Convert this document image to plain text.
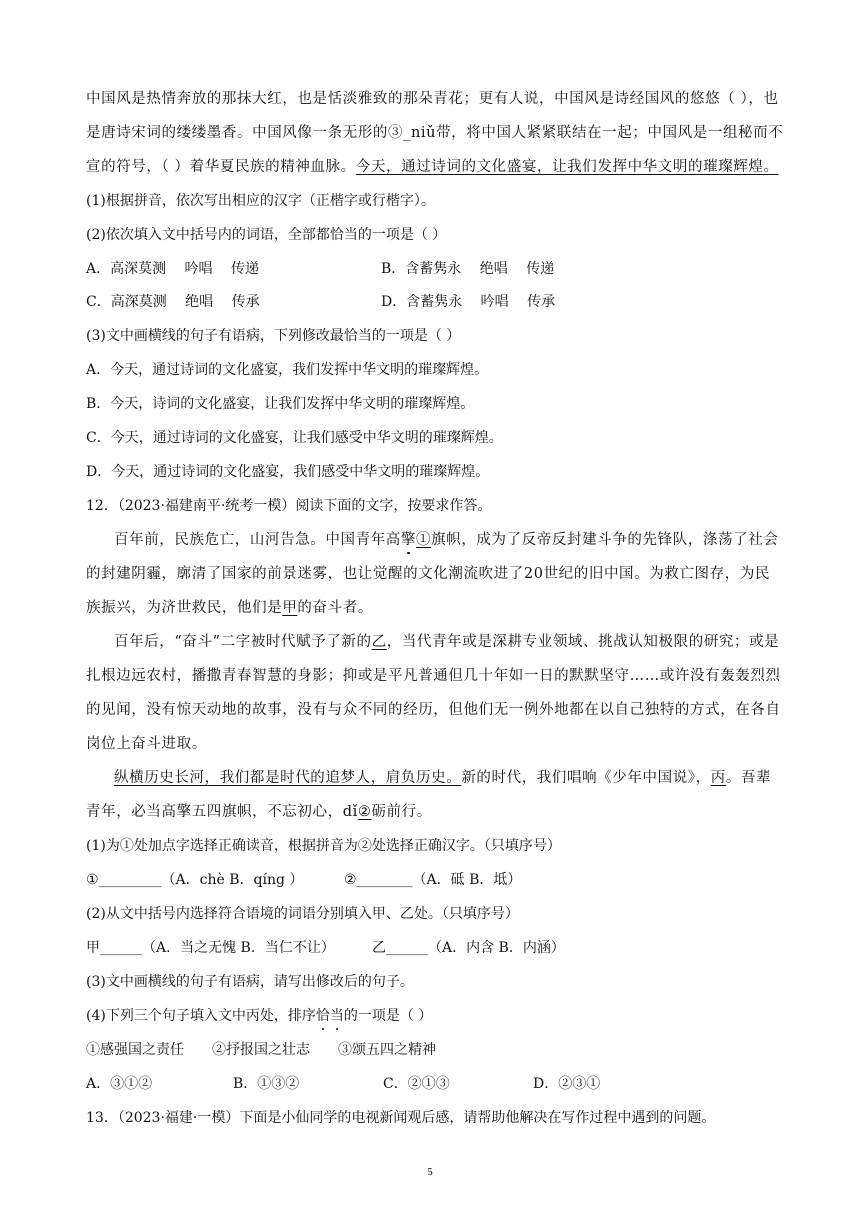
中国风是热情奔放的那抹大红，也是恬淡雅致的那朵青花；更有人说，中国风是诗经国风的悠悠（ ），也
是唐诗宋词的缕缕墨香。中国风像一条无形的③_niǔ带，将中国人紧紧联结在一起；中国风是一组秘而不
宣的符号，（ ）着华夏民族的精神血脉。今天，通过诗词的文化盛宴，让我们发挥中华文明的璀璨辉煌。
(1)根据拼音，依次写出相应的汉字（正楷字或行楷字）。
(2)依次填入文中括号内的词语，全部都恰当的一项是（ ）
A．高深莫测　 吟唱　 传递	B．含蓄隽永　 绝唱　 传递
C．高深莫测　 绝唱　 传承	D．含蓄隽永　 吟唱　 传承
(3)文中画横线的句子有语病，下列修改最恰当的一项是（ ）
A．今天，通过诗词的文化盛宴，我们发挥中华文明的璀璨辉煌。
B．今天，诗词的文化盛宴，让我们发挥中华文明的璀璨辉煌。
C．今天，通过诗词的文化盛宴，让我们感受中华文明的璀璨辉煌。
D．今天，通过诗词的文化盛宴，我们感受中华文明的璀璨辉煌。
12．（2023·福建南平·统考一模）阅读下面的文字，按要求作答。
百年前，民族危亡，山河告急。中国青年高擎①旗帜，成为了反帝反封建斗争的先锋队，涤荡了社会
的封建阴霾，廓清了国家的前景迷雾，也让觉醒的文化潮流吹进了20世纪的旧中国。为救亡图存，为民
族振兴，为济世救民，他们是甲的奋斗者。
百年后，“奋斗”二字被时代赋予了新的乙，当代青年或是深耕专业领域、挑战认知极限的研究；或是
扎根边远农村，播撒青春智慧的身影；抑或是平凡普通但几十年如一日的默默坚守……或许没有轰轰烈烈
的见闻，没有惊天动地的故事，没有与众不同的经历，但他们无一例外地都在以自己独特的方式，在各自
岗位上奋斗进取。
纵横历史长河，我们都是时代的追梦人，肩负历史。新的时代，我们唱响《少年中国说》，丙。吾辈
青年，必当高擎五四旗帜，不忘初心，dǐ②砺前行。
(1)为①处加点字选择正确读音，根据拼音为②处选择正确汉字。（只填序号）
①_________（A．chè B．qíng ）	②________（A．砥 B．坻）
(2)从文中括号内选择符合语境的词语分别填入甲、乙处。（只填序号）
甲______（A．当之无愧 B．当仁不让）	乙______（A．内含 B．内涵）
(3)文中画横线的句子有语病，请写出修改后的句子。
(4)下列三个句子填入文中丙处，排序恰当的一项是（ ）
①感强国之责任　　②抒报国之壮志　　③颂五四之精神
A．③①②	B．①③②	C．②①③	D．②③①
13．（2023·福建·一模）下面是小仙同学的电视新闻观后感，请帮助他解决在写作过程中遇到的问题。
5
